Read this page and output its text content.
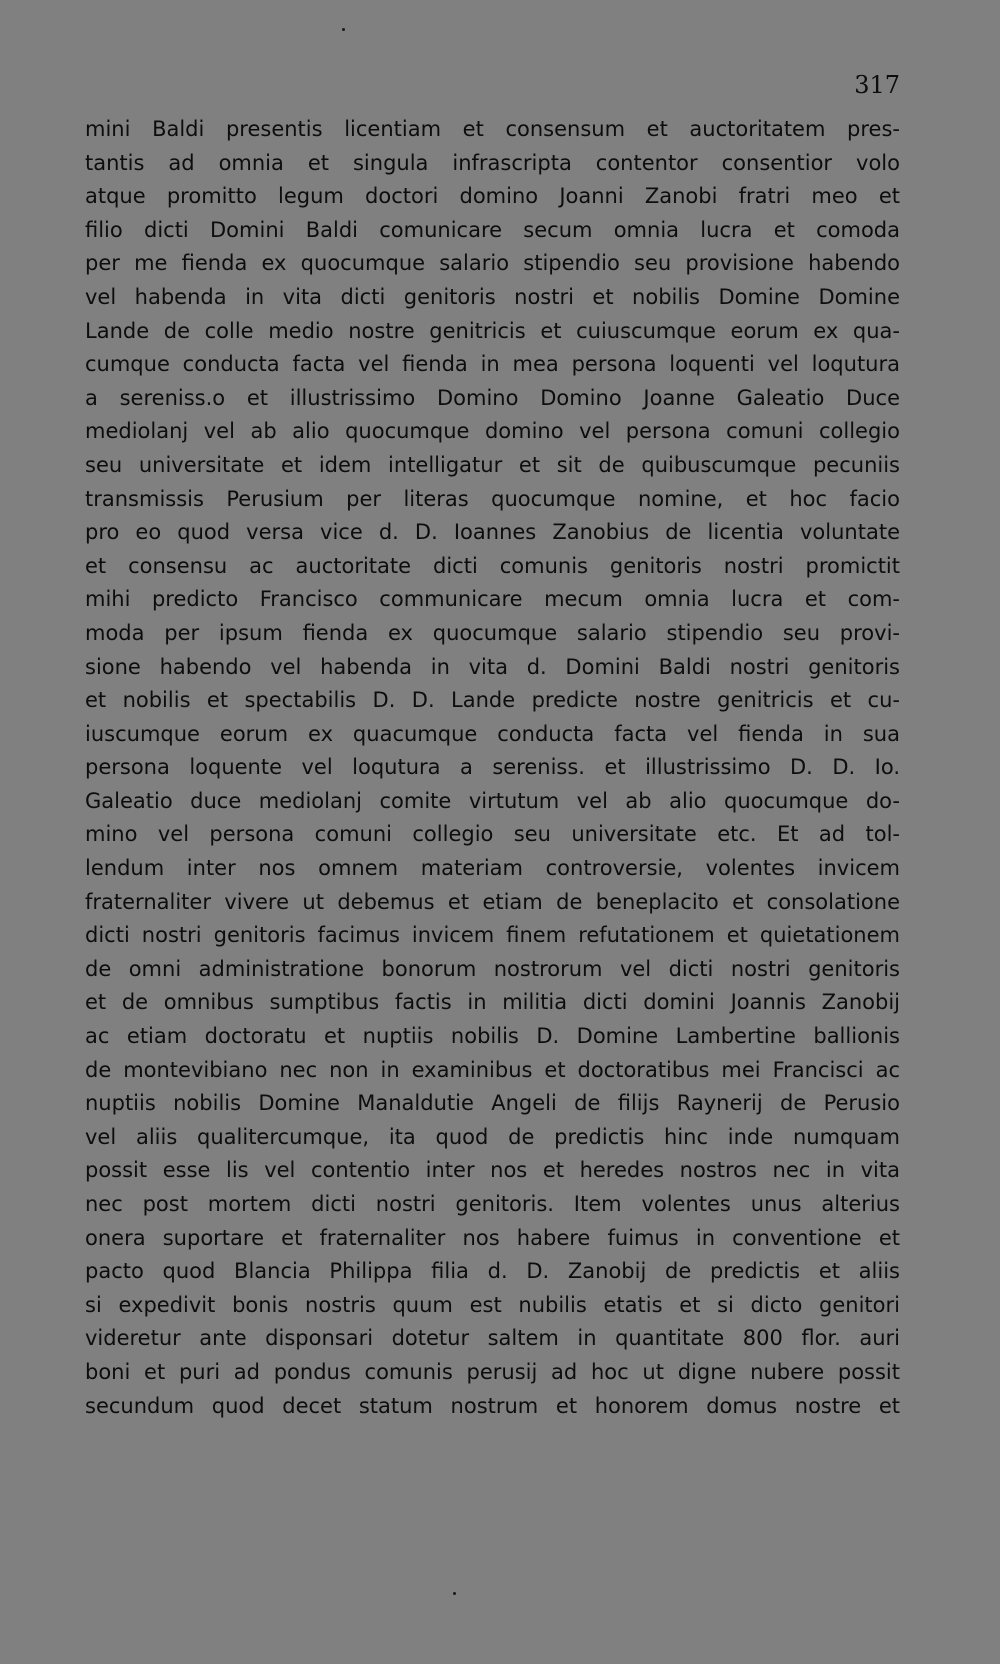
317
mini Baldi presentis licentiam et consensum et auctoritatem pres-
tantis ad omnia et singula infrascripta contentor consentior volo
atque promitto legum doctori domino Joanni Zanobi fratri meo et
filio dicti Domini Baldi comunicare secum omnia lucra et comoda
per me fienda ex quocumque salario stipendio seu provisione habendo
vel habenda in vita dicti genitoris nostri et nobilis Domine Domine
Lande de colle medio nostre genitricis et cuiuscumque eorum ex qua-
cumque conducta facta vel fienda in mea persona loquenti vel loqutura
a sereniss.o et illustrissimo Domino Domino Joanne Galeatio Duce
mediolanj vel ab alio quocumque domino vel persona comuni collegio
seu universitate et idem intelligatur et sit de quibuscumque pecuniis
transmissis Perusium per literas quocumque nomine, et hoc facio
pro eo quod versa vice d. D. Ioannes Zanobius de licentia voluntate
et consensu ac auctoritate dicti comunis genitoris nostri promictit
mihi predicto Francisco communicare mecum omnia lucra et com-
moda per ipsum fienda ex quocumque salario stipendio seu provi-
sione habendo vel habenda in vita d. Domini Baldi nostri genitoris
et nobilis et spectabilis D. D. Lande predicte nostre genitricis et cu-
iuscumque eorum ex quacumque conducta facta vel fienda in sua
persona loquente vel loqutura a sereniss. et illustrissimo D. D. Io.
Galeatio duce mediolanj comite virtutum vel ab alio quocumque do-
mino vel persona comuni collegio seu universitate etc. Et ad tol-
lendum inter nos omnem materiam controversie, volentes invicem
fraternaliter vivere ut debemus et etiam de beneplacito et consolatione
dicti nostri genitoris facimus invicem finem refutationem et quietationem
de omni administratione bonorum nostrorum vel dicti nostri genitoris
et de omnibus sumptibus factis in militia dicti domini Joannis Zanobij
ac etiam doctoratu et nuptiis nobilis D. Domine Lambertine ballionis
de montevibiano nec non in examinibus et doctoratibus mei Francisci ac
nuptiis nobilis Domine Manaldutie Angeli de filijs Raynerij de Perusio
vel aliis qualitercumque, ita quod de predictis hinc inde numquam
possit esse lis vel contentio inter nos et heredes nostros nec in vita
nec post mortem dicti nostri genitoris. Item volentes unus alterius
onera suportare et fraternaliter nos habere fuimus in conventione et
pacto quod Blancia Philippa filia d. D. Zanobij de predictis et aliis
si expedivit bonis nostris quum est nubilis etatis et si dicto genitori
videretur ante disponsari dotetur saltem in quantitate 800 flor. auri
boni et puri ad pondus comunis perusij ad hoc ut digne nubere possit
secundum quod decet statum nostrum et honorem domus nostre et
